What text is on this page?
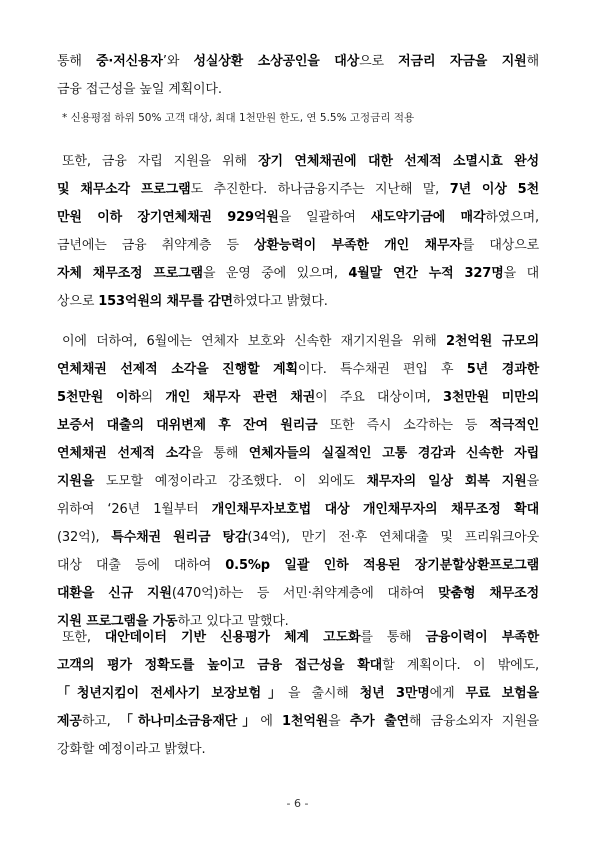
통해 중·저신용자’와 성실상환 소상공인을 대상으로 저금리 자금을 지원해
금융 접근성을 높일 계획이다.
* 신용평점 하위 50% 고객 대상, 최대 1천만원 한도, 연 5.5% 고정금리 적용
또한, 금융 자립 지원을 위해 장기 연체채권에 대한 선제적 소멸시효 완성
및 채무소각 프로그램도 추진한다. 하나금융지주는 지난해 말, 7년 이상 5천
만원 이하 장기연체채권 929억원을 일괄하여 새도약기금에 매각하였으며,
금년에는 금융 취약계층 등 상환능력이 부족한 개인 채무자를 대상으로
자체 채무조정 프로그램을 운영 중에 있으며, 4월말 연간 누적 327명을 대
상으로 153억원의 채무를 감면하였다고 밝혔다.
이에 더하여, 6월에는 연체자 보호와 신속한 재기지원을 위해 2천억원 규모의
연체채권 선제적 소각을 진행할 계획이다. 특수채권 편입 후 5년 경과한
5천만원 이하의 개인 채무자 관련 채권이 주요 대상이며, 3천만원 미만의
보증서 대출의 대위변제 후 잔여 원리금 또한 즉시 소각하는 등 적극적인
연체채권 선제적 소각을 통해 연체자들의 실질적인 고통 경감과 신속한 자립
지원을 도모할 예정이라고 강조했다. 이 외에도 채무자의 일상 회복 지원을
위하여 ‘26년 1월부터 개인채무자보호법 대상 개인채무자의 채무조정 확대
(32억), 특수채권 원리금 탕감(34억), 만기 전·후 연체대출 및 프리워크아웃
대상 대출 등에 대하여 0.5%p 일괄 인하 적용된 장기분할상환프로그램
대환을 신규 지원(470억)하는 등 서민·취약계층에 대하여 맞춤형 채무조정
지원 프로그램을 가동하고 있다고 말했다.
또한, 대안데이터 기반 신용평가 체계 고도화를 통해 금융이력이 부족한
고객의 평가 정확도를 높이고 금융 접근성을 확대할 계획이다. 이 밖에도,
「청년지킴이 전세사기 보장보험」을 출시해 청년 3만명에게 무료 보험을
제공하고, 「하나미소금융재단」에 1천억원을 추가 출연해 금융소외자 지원을
강화할 예정이라고 밝혔다.
- 6 -
